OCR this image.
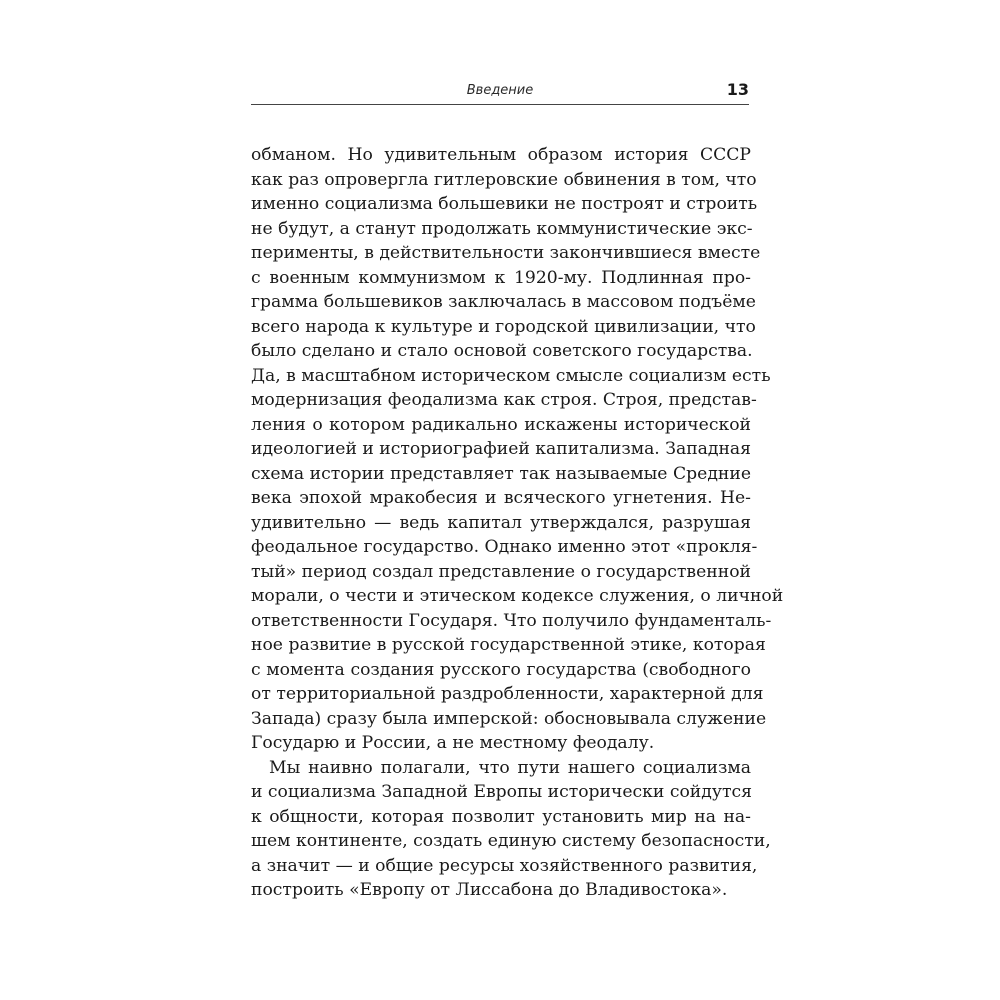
Введение	13
обманом. Но удивительным образом история СССР
как раз опровергла гитлеровские обвинения в том, что
именно социализма большевики не построят и строить
не будут, а станут продолжать коммунистические экс-
перименты, в действительности закончившиеся вместе
с военным коммунизмом к 1920-му. Подлинная про-
грамма большевиков заключалась в массовом подъёме
всего народа к культуре и городской цивилизации, что
было сделано и стало основой советского государства.
Да, в масштабном историческом смысле социализм есть
модернизация феодализма как строя. Строя, представ-
ления о котором радикально искажены исторической
идеологией и историографией капитализма. Западная
схема истории представляет так называемые Средние
века эпохой мракобесия и всяческого угнетения. Не-
удивительно — ведь капитал утверждался, разрушая
феодальное государство. Однако именно этот «прокля-
тый» период создал представление о государственной
морали, о чести и этическом кодексе служения, о личной
ответственности Государя. Что получило фундаменталь-
ное развитие в русской государственной этике, которая
с момента создания русского государства (свободного
от территориальной раздробленности, характерной для
Запада) сразу была имперской: обосновывала служение
Государю и России, а не местному феодалу.
Мы наивно полагали, что пути нашего социализма
и социализма Западной Европы исторически сойдутся
к общности, которая позволит установить мир на на-
шем континенте, создать единую систему безопасности,
а значит — и общие ресурсы хозяйственного развития,
построить «Европу от Лиссабона до Владивостока».
